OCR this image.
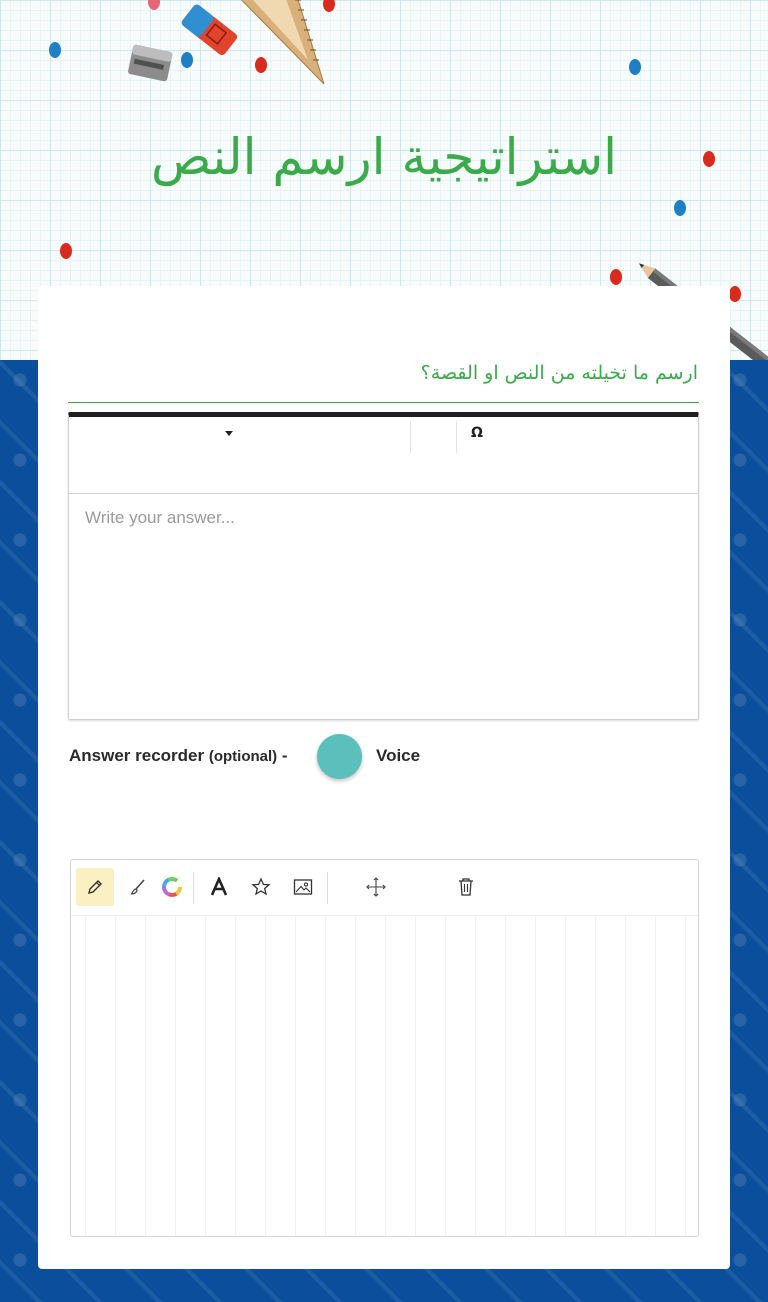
استراتيجية ارسم النص
ارسم ما تخيلته من النص او القصة؟
Ω
Write your answer...
Answer recorder (optional) -	Voice
